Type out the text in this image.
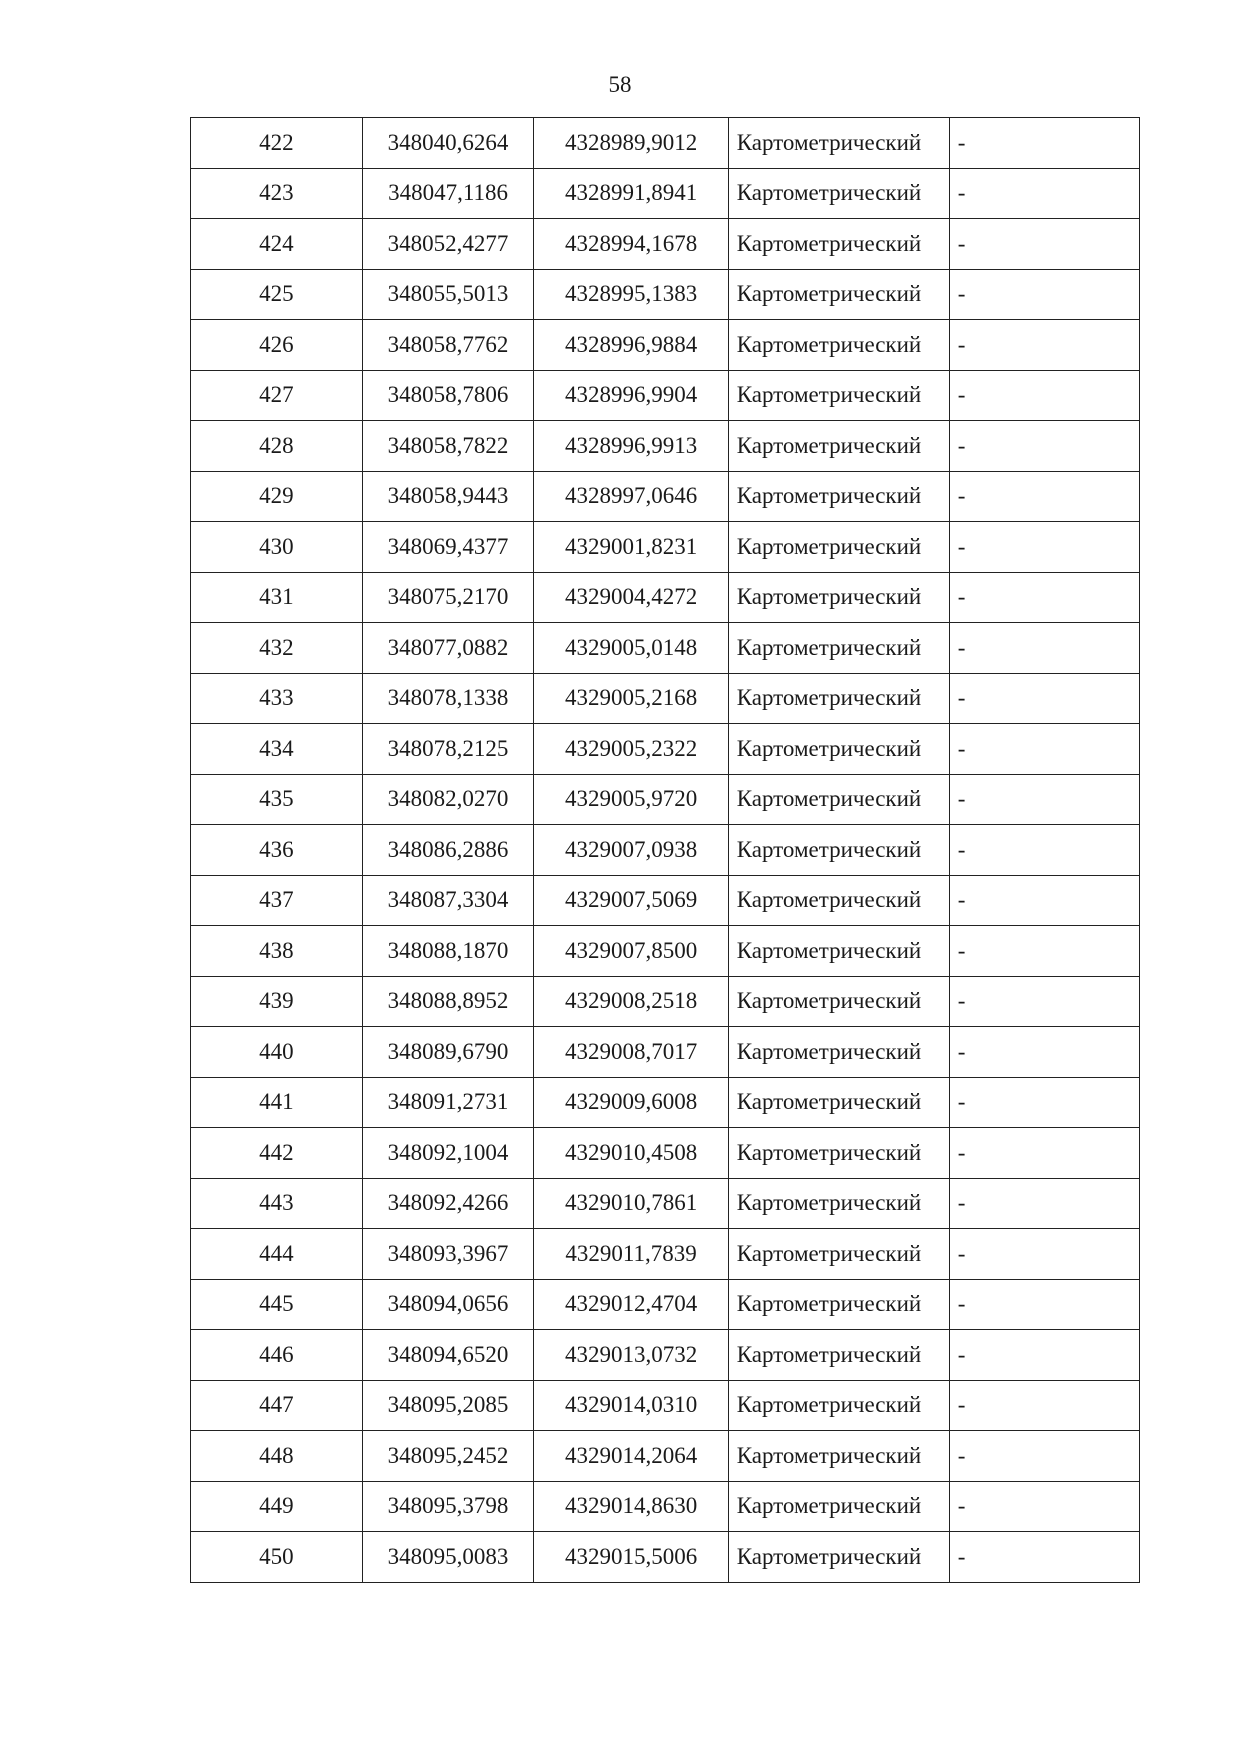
58
422	348040,6264	4328989,9012	Картометрический	-
423	348047,1186	4328991,8941	Картометрический	-
424	348052,4277	4328994,1678	Картометрический	-
425	348055,5013	4328995,1383	Картометрический	-
426	348058,7762	4328996,9884	Картометрический	-
427	348058,7806	4328996,9904	Картометрический	-
428	348058,7822	4328996,9913	Картометрический	-
429	348058,9443	4328997,0646	Картометрический	-
430	348069,4377	4329001,8231	Картометрический	-
431	348075,2170	4329004,4272	Картометрический	-
432	348077,0882	4329005,0148	Картометрический	-
433	348078,1338	4329005,2168	Картометрический	-
434	348078,2125	4329005,2322	Картометрический	-
435	348082,0270	4329005,9720	Картометрический	-
436	348086,2886	4329007,0938	Картометрический	-
437	348087,3304	4329007,5069	Картометрический	-
438	348088,1870	4329007,8500	Картометрический	-
439	348088,8952	4329008,2518	Картометрический	-
440	348089,6790	4329008,7017	Картометрический	-
441	348091,2731	4329009,6008	Картометрический	-
442	348092,1004	4329010,4508	Картометрический	-
443	348092,4266	4329010,7861	Картометрический	-
444	348093,3967	4329011,7839	Картометрический	-
445	348094,0656	4329012,4704	Картометрический	-
446	348094,6520	4329013,0732	Картометрический	-
447	348095,2085	4329014,0310	Картометрический	-
448	348095,2452	4329014,2064	Картометрический	-
449	348095,3798	4329014,8630	Картометрический	-
450	348095,0083	4329015,5006	Картометрический	-
